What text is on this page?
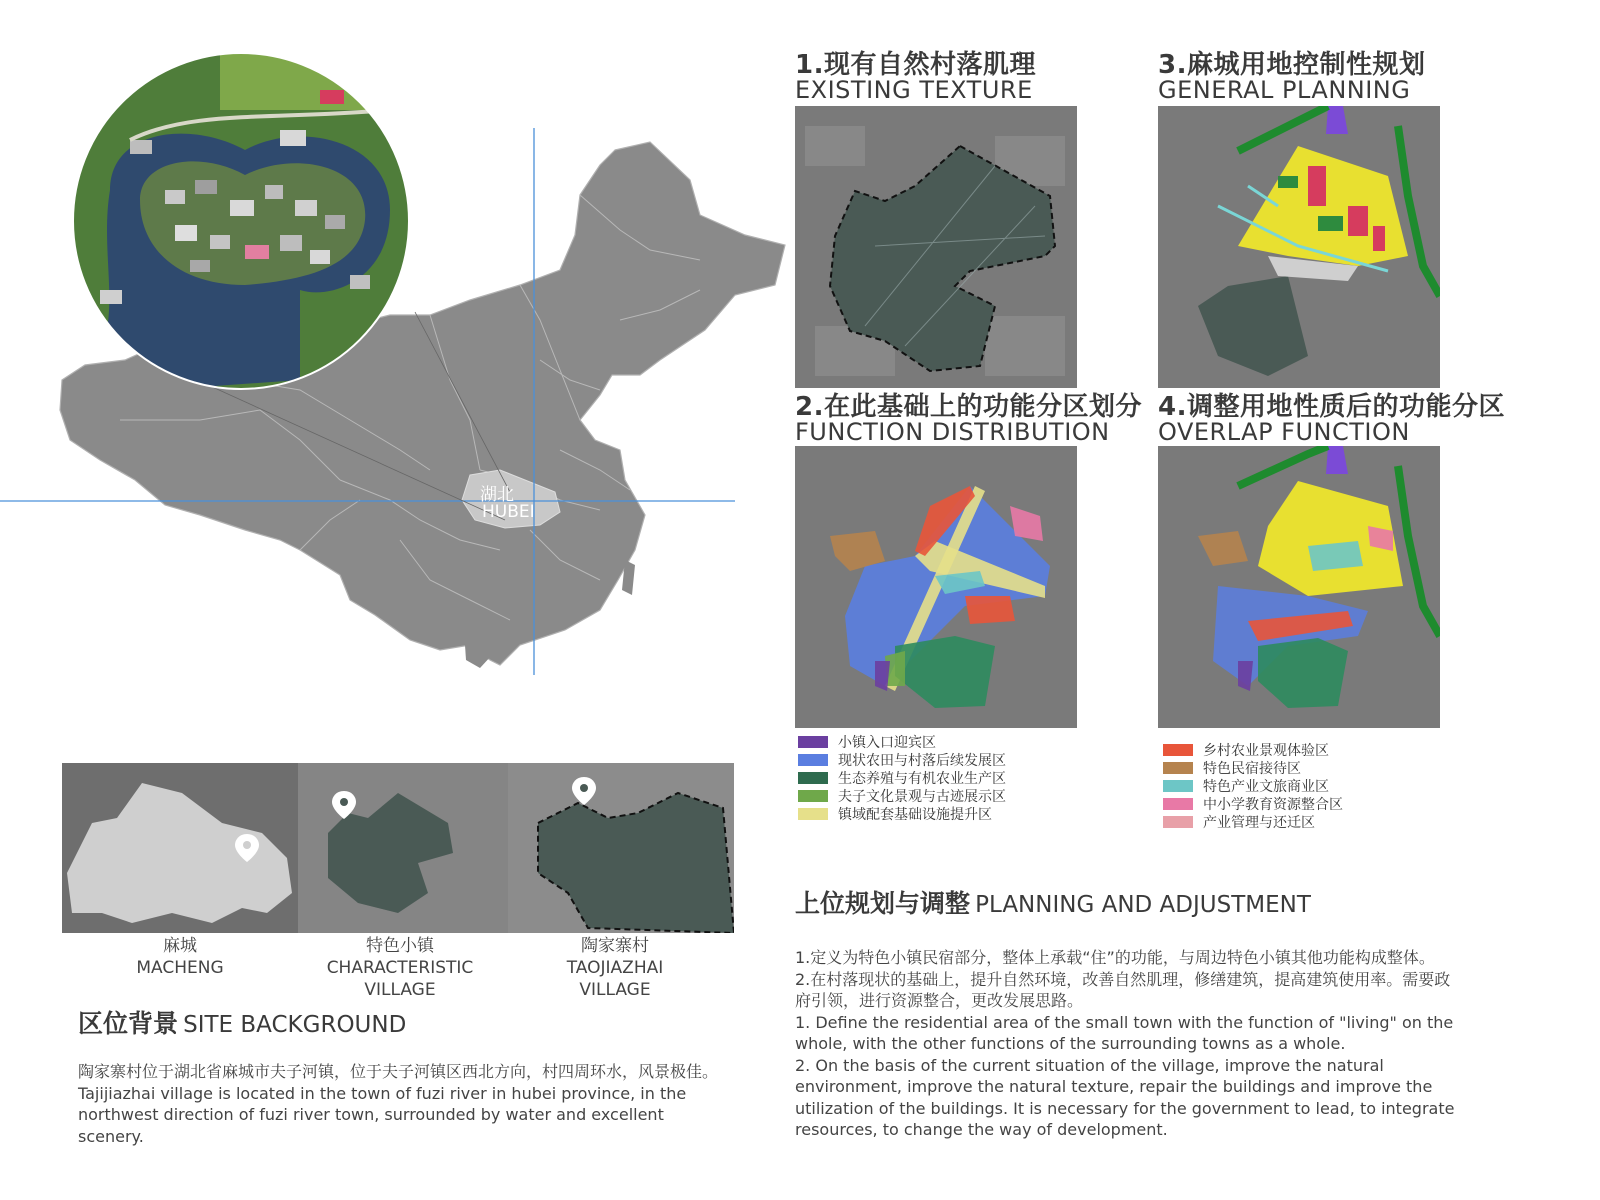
湖北
HUBEI
1.现有自然村落肌理
EXISTING TEXTURE
3.麻城用地控制性规划
GENERAL PLANNING
2.在此基础上的功能分区划分
FUNCTION DISTRIBUTION
4.调整用地性质后的功能分区
OVERLAP FUNCTION
小镇入口迎宾区
现状农田与村落后续发展区
生态养殖与有机农业生产区
夫子文化景观与古迹展示区
镇域配套基础设施提升区
乡村农业景观体验区
特色民宿接待区
特色产业文旅商业区
中小学教育资源整合区
产业管理与还迁区
麻城
MACHENG
特色小镇
CHARACTERISTIC
VILLAGE
陶家寨村
TAOJIAZHAI
VILLAGE
区位背景 SITE BACKGROUND

陶家寨村位于湖北省麻城市夫子河镇，位于夫子河镇区西北方向，村四周环水，风景极佳。

Tajijiazhai village is located in the town of fuzi river in hubei province, in the northwest direction of fuzi river town, surrounded by water and excellent scenery.

上位规划与调整 PLANNING AND ADJUSTMENT

1.定义为特色小镇民宿部分，整体上承载“住”的功能，与周边特色小镇其他功能构成整体。

2.在村落现状的基础上，提升自然环境，改善自然肌理，修缮建筑，提高建筑使用率。需要政府引领，进行资源整合，更改发展思路。

1. Define the residential area of the small town with the function of "living" on the whole, with the other functions of the surrounding towns as a whole.

2. On the basis of the current situation of the village, improve the natural environment, improve the natural texture, repair the buildings and improve the utilization of the buildings. It is necessary for the government to lead, to integrate resources, to change the way of development.
